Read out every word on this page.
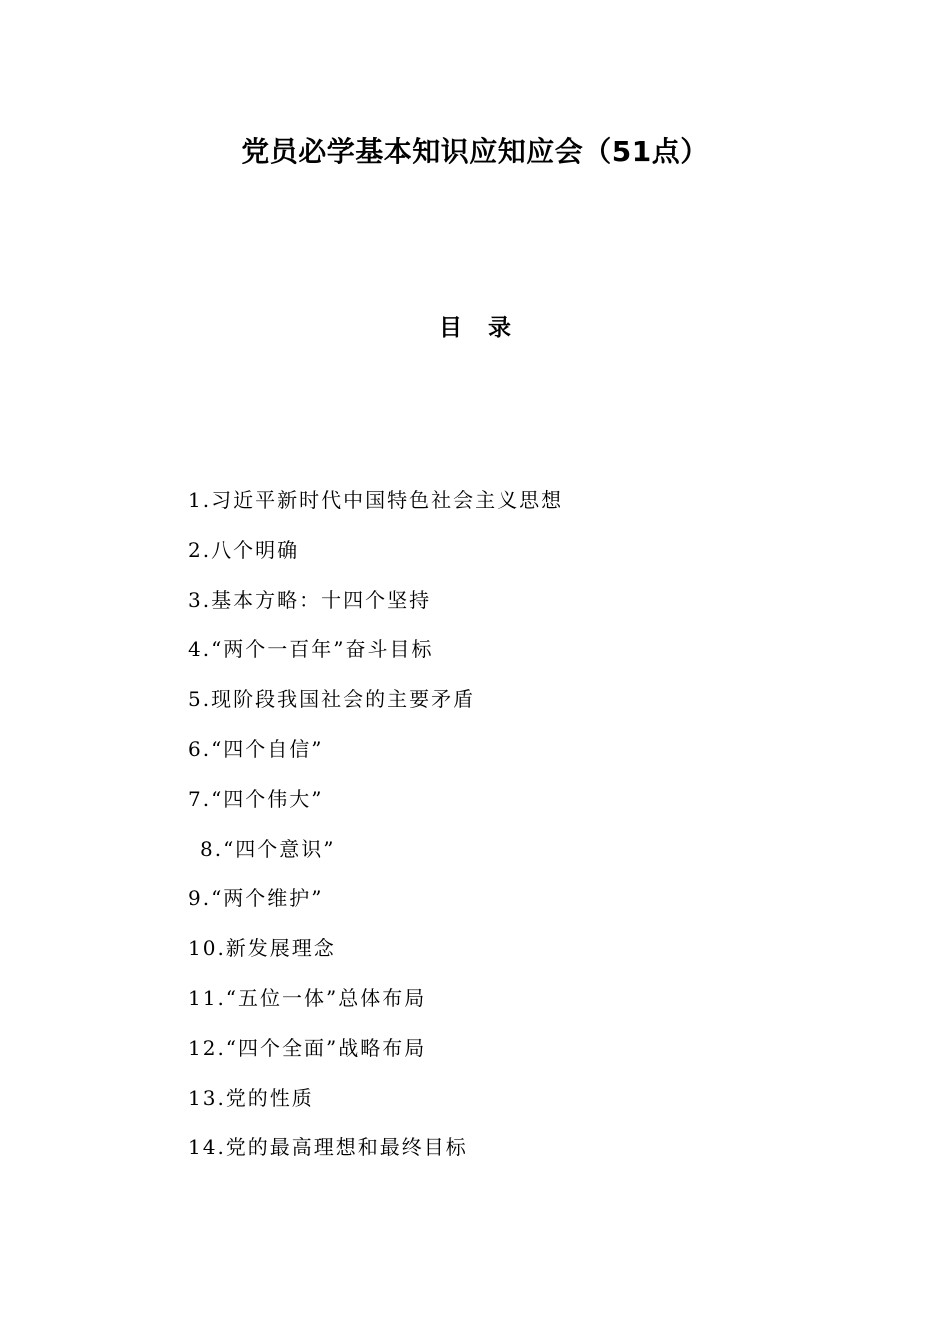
党员必学基本知识应知应会（51点）
目录
1.习近平新时代中国特色社会主义思想
2.八个明确
3.基本方略：十四个坚持
4.“两个一百年”奋斗目标
5.现阶段我国社会的主要矛盾
6.“四个自信”
7.“四个伟大”
8.“四个意识”
9.“两个维护”
10.新发展理念
11.“五位一体”总体布局
12.“四个全面”战略布局
13.党的性质
14.党的最高理想和最终目标
